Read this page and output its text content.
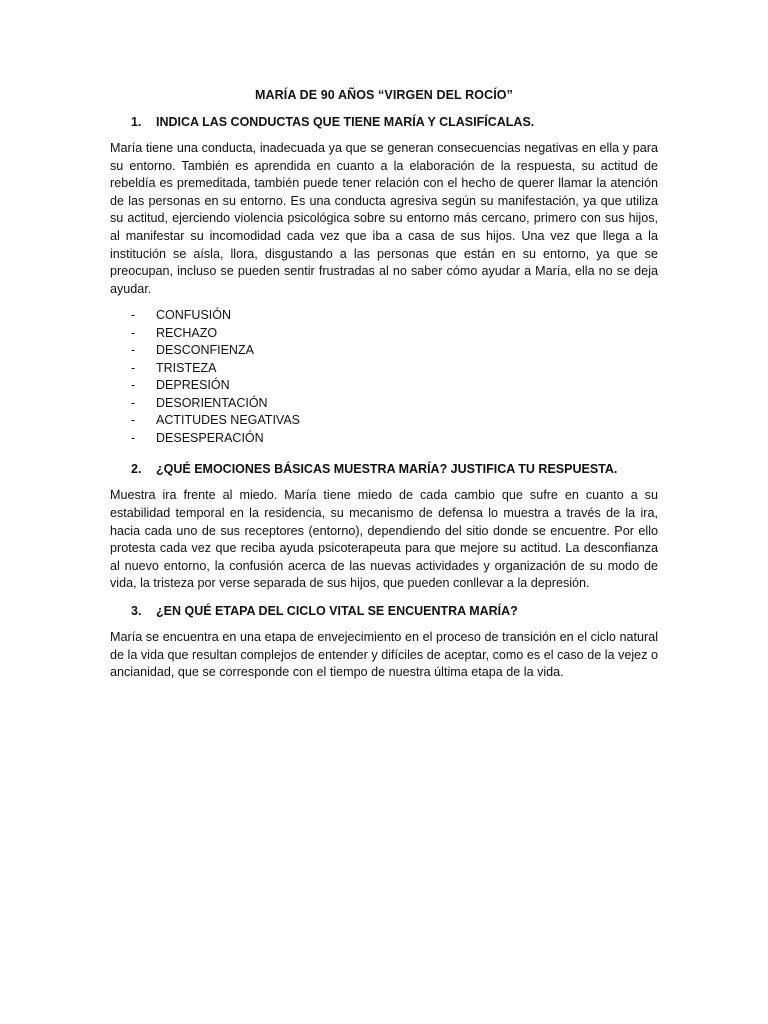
MARÍA DE 90 AÑOS “VIRGEN DEL ROCÍO”
1.	INDICA LAS CONDUCTAS QUE TIENE MARÍA Y CLASIFÍCALAS.

María tiene una conducta, inadecuada ya que se generan consecuencias negativas en ella y para su entorno. También es aprendida en cuanto a la elaboración de la respuesta, su actitud de rebeldía es premeditada, también puede tener relación con el hecho de querer llamar la atención de las personas en su entorno. Es una conducta agresiva según su manifestación, ya que utiliza su actitud, ejerciendo violencia psicológica sobre su entorno más cercano, primero con sus hijos, al manifestar su incomodidad cada vez que iba a casa de sus hijos. Una vez que llega a la institución se aísla, llora, disgustando a las personas que están en su entorno, ya que se preocupan, incluso se pueden sentir frustradas al no saber cómo ayudar a María, ella no se deja ayudar.

-	CONFUSIÓN
-	RECHAZO
-	DESCONFIENZA
-	TRISTEZA
-	DEPRESIÓN
-	DESORIENTACIÓN
-	ACTITUDES NEGATIVAS
-	DESESPERACIÓN
2.	¿QUÉ EMOCIONES BÁSICAS MUESTRA MARÍA? JUSTIFICA TU RESPUESTA.

Muestra ira frente al miedo. María tiene miedo de cada cambio que sufre en cuanto a su estabilidad temporal en la residencia, su mecanismo de defensa lo muestra a través de la ira, hacia cada uno de sus receptores (entorno), dependiendo del sitio donde se encuentre. Por ello protesta cada vez que reciba ayuda psicoterapeuta para que mejore su actitud. La desconfianza al nuevo entorno, la confusión acerca de las nuevas actividades y organización de su modo de vida, la tristeza por verse separada de sus hijos, que pueden conllevar a la depresión.

3.	¿EN QUÉ ETAPA DEL CICLO VITAL SE ENCUENTRA MARÍA?

María se encuentra en una etapa de envejecimiento en el proceso de transición en el ciclo natural de la vida que resultan complejos de entender y difíciles de aceptar, como es el caso de la vejez o ancianidad, que se corresponde con el tiempo de nuestra última etapa de la vida.
